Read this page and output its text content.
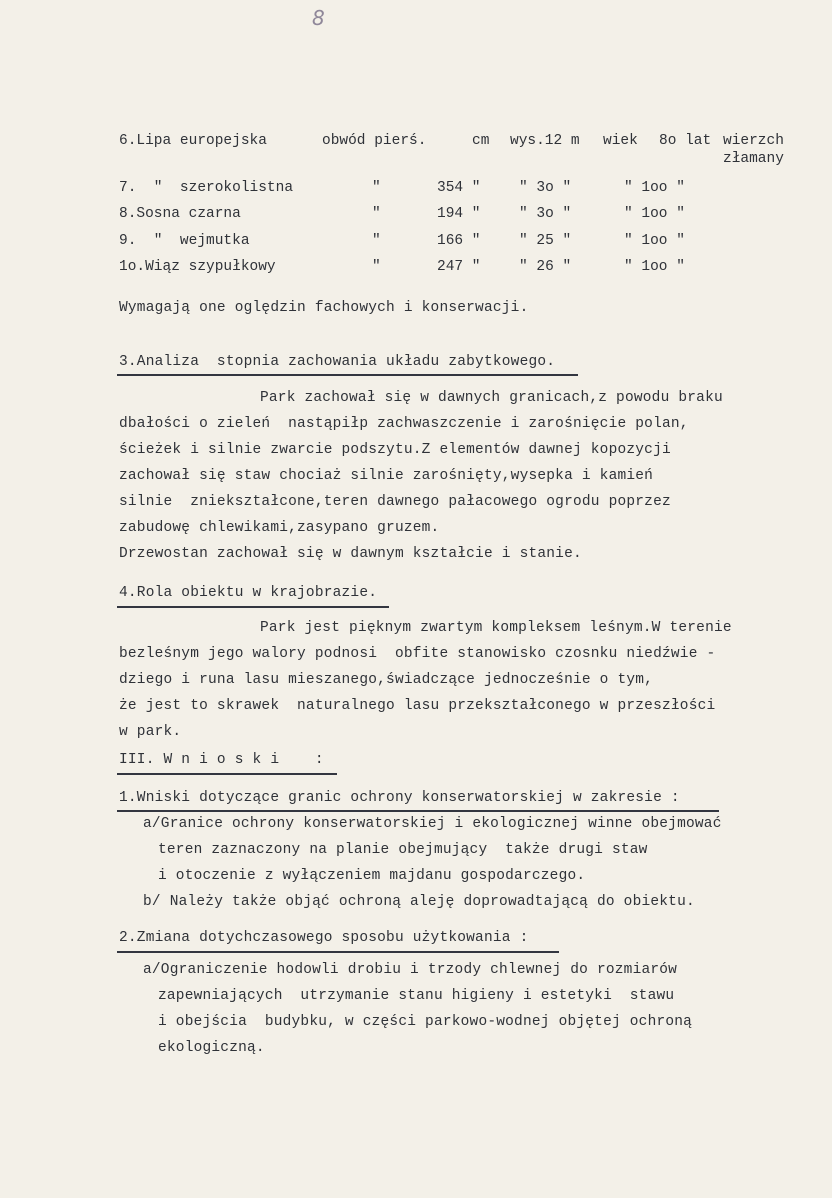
8
6.Lipa europejska	obwód pierś.	cm wys.12 m wiek 8o lat wierzch
złamany
7.  "  szerokolistna	"	354 "	" 3o "	" 1oo "
8.Sosna czarna	"	194 "	" 3o "	" 1oo "
9.  "  wejmutka	"	166 "	" 25 "	" 1oo "
1o.Wiąz szypułkowy	"	247 "	" 26 "	" 1oo "
Wymagają one oględzin fachowych i konserwacji.
3.Analiza  stopnia zachowania układu zabytkowego.
Park zachował się w dawnych granicach,z powodu braku
dbałości o zieleń  nastąpiłp zachwaszczenie i zarośnięcie polan,
ścieżek i silnie zwarcie podszytu.Z elementów dawnej kopozycji
zachował się staw chociaż silnie zarośnięty,wysepka i kamień
silnie  zniekształcone,teren dawnego pałacowego ogrodu poprzez
zabudowę chlewikami,zasypano gruzem.
Drzewostan zachował się w dawnym kształcie i stanie.
4.Rola obiektu w krajobrazie.
Park jest pięknym zwartym kompleksem leśnym.W terenie
bezleśnym jego walory podnosi  obfite stanowisko czosnku niedźwie -
dziego i runa lasu mieszanego,świadczące jednocześnie o tym,
że jest to skrawek  naturalnego lasu przekształconego w przeszłości
w park.
III. W n i o s k i    :
1.Wniski dotyczące granic ochrony konserwatorskiej w zakresie :
a/Granice ochrony konserwatorskiej i ekologicznej winne obejmować
teren zaznaczony na planie obejmujący  także drugi staw
i otoczenie z wyłączeniem majdanu gospodarczego.
b/ Należy także objąć ochroną aleję doprowadtającą do obiektu.
2.Zmiana dotychczasowego sposobu użytkowania :
a/Ograniczenie hodowli drobiu i trzody chlewnej do rozmiarów
zapewniających  utrzymanie stanu higieny i estetyki  stawu
i obejścia  budybku, w części parkowo-wodnej objętej ochroną
ekologiczną.
